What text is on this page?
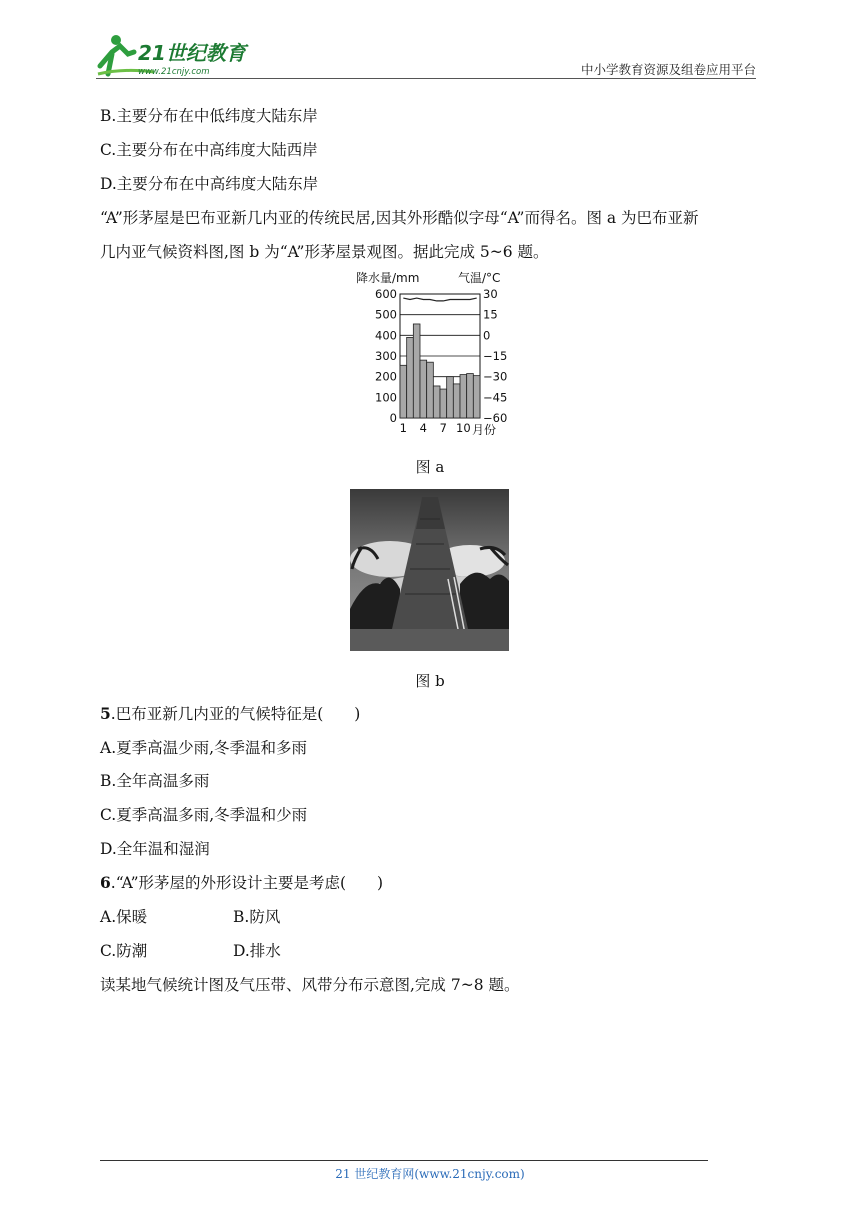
21世纪教育
www.21cnjy.com	中小学教育资源及组卷应用平台
B.主要分布在中低纬度大陆东岸
C.主要分布在中高纬度大陆西岸
D.主要分布在中高纬度大陆东岸
“A”形茅屋是巴布亚新几内亚的传统民居,因其外形酷似字母“A”而得名。图 a 为巴布亚新
几内亚气候资料图,图 b 为“A”形茅屋景观图。据此完成 5~6 题。
降水量/mm	气温/°C
600	30
500	15
400	0
300	−15
200	−30
100	−45
0	−60
1 4 7 10 月份
图 a
图 b
5.巴布亚新几内亚的气候特征是(　　)
A.夏季高温少雨,冬季温和多雨
B.全年高温多雨
C.夏季高温多雨,冬季温和少雨
D.全年温和湿润
6.“A”形茅屋的外形设计主要是考虑(　　)
A.保暖	B.防风
C.防潮	D.排水
读某地气候统计图及气压带、风带分布示意图,完成 7~8 题。
21 世纪教育网(www.21cnjy.com)
